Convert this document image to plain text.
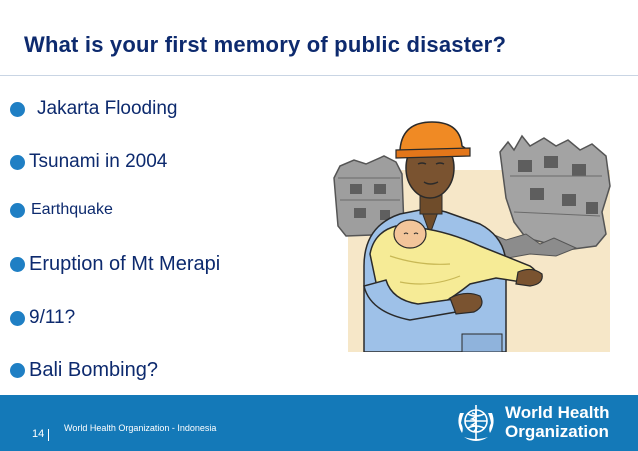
What is your first memory of public disaster?
Jakarta Flooding
Tsunami in 2004
Earthquake
Eruption of Mt Merapi
9/11?
Bali Bombing?
14 World Health Organization - Indonesia
World Health
Organization
